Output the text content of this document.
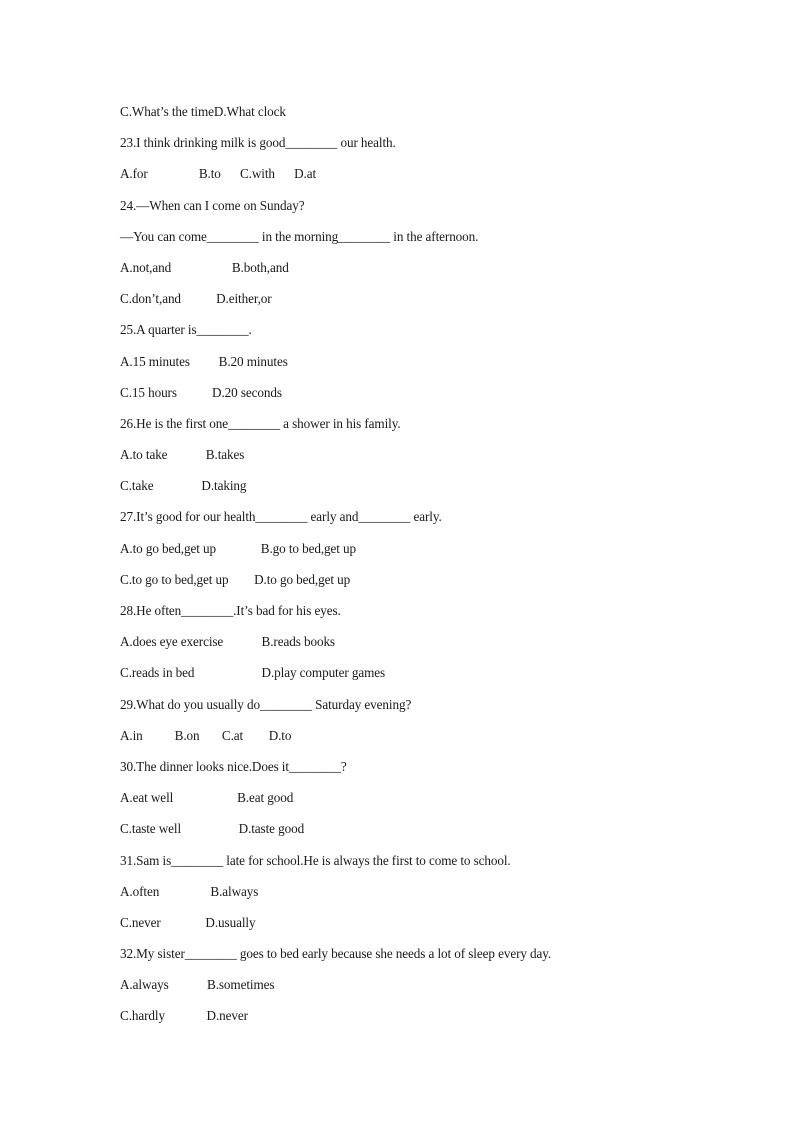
C.What’s the timeD.What clock
23.I think drinking milk is good________ our health.
A.for                B.to      C.with      D.at
24.—When can I come on Sunday?
—You can come________ in the morning________ in the afternoon.
A.not,and                   B.both,and
C.don’t,and           D.either,or
25.A quarter is________.
A.15 minutes         B.20 minutes
C.15 hours           D.20 seconds
26.He is the first one________ a shower in his family.
A.to take            B.takes
C.take               D.taking
27.It’s good for our health________ early and________ early.
A.to go bed,get up              B.go to bed,get up
C.to go to bed,get up        D.to go bed,get up
28.He often________.It’s bad for his eyes.
A.does eye exercise            B.reads books
C.reads in bed                     D.play computer games
29.What do you usually do________ Saturday evening?
A.in          B.on       C.at        D.to
30.The dinner looks nice.Does it________?
A.eat well                    B.eat good
C.taste well                  D.taste good
31.Sam is________ late for school.He is always the first to come to school.
A.often                B.always
C.never              D.usually
32.My sister________ goes to bed early because she needs a lot of sleep every day.
A.always            B.sometimes
C.hardly             D.never
